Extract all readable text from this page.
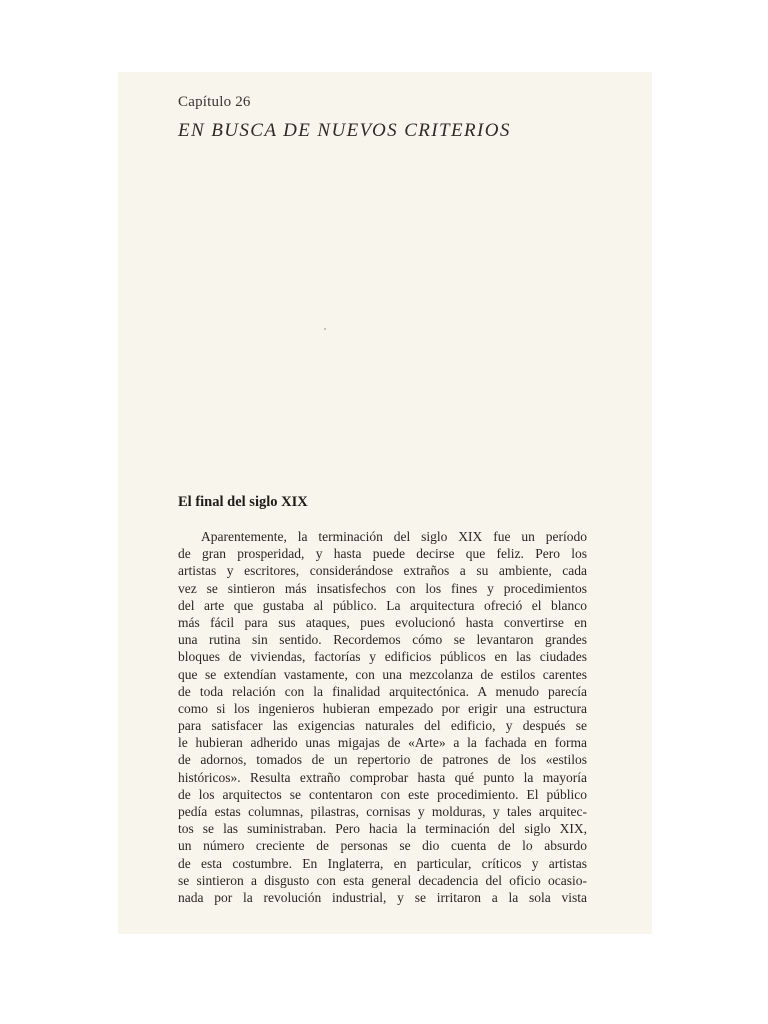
Capítulo 26
EN BUSCA DE NUEVOS CRITERIOS
El final del siglo XIX
Aparentemente, la terminación del siglo XIX fue un período
de gran prosperidad, y hasta puede decirse que feliz. Pero los
artistas y escritores, considerándose extraños a su ambiente, cada
vez se sintieron más insatisfechos con los fines y procedimientos
del arte que gustaba al público. La arquitectura ofreció el blanco
más fácil para sus ataques, pues evolucionó hasta convertirse en
una rutina sin sentido. Recordemos cómo se levantaron grandes
bloques de viviendas, factorías y edificios públicos en las ciudades
que se extendían vastamente, con una mezcolanza de estilos carentes
de toda relación con la finalidad arquitectónica. A menudo parecía
como si los ingenieros hubieran empezado por erigir una estructura
para satisfacer las exigencias naturales del edificio, y después se
le hubieran adherido unas migajas de «Arte» a la fachada en forma
de adornos, tomados de un repertorio de patrones de los «estilos
históricos». Resulta extraño comprobar hasta qué punto la mayoría
de los arquitectos se contentaron con este procedimiento. El público
pedía estas columnas, pilastras, cornisas y molduras, y tales arquitec-
tos se las suministraban. Pero hacia la terminación del siglo XIX,
un número creciente de personas se dio cuenta de lo absurdo
de esta costumbre. En Inglaterra, en particular, críticos y artistas
se sintieron a disgusto con esta general decadencia del oficio ocasio-
nada por la revolución industrial, y se irritaron a la sola vista
